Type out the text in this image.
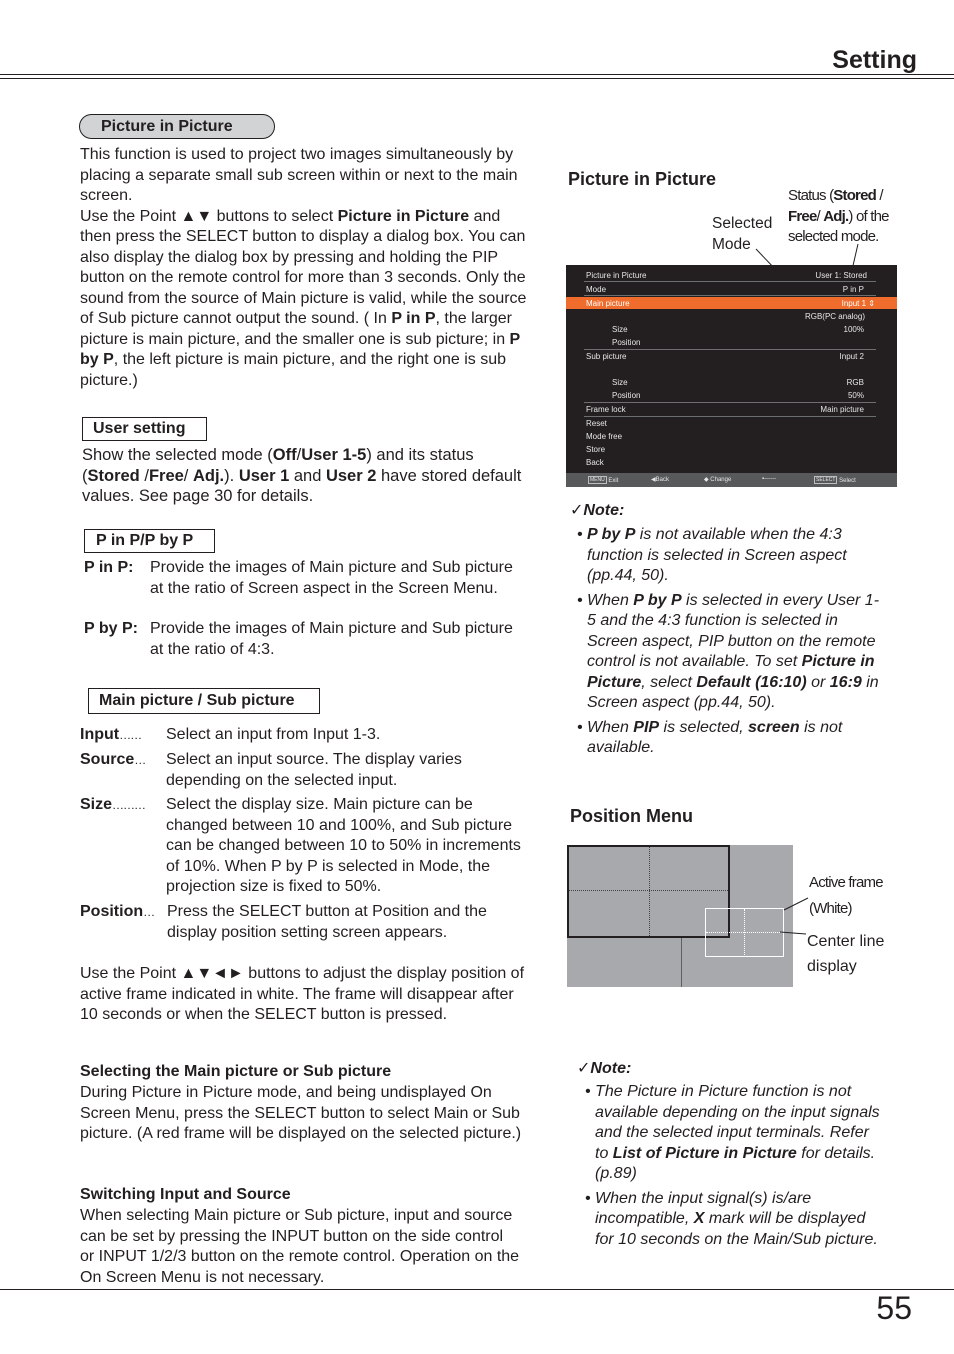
Setting
55
Picture in Picture
This function is used to project two images simultaneously by placing a separate small sub screen within or next to the main screen.
Use the Point ▲▼ buttons to select Picture in Picture and then press the SELECT button to display a dialog box. You can also display the dialog box by pressing and holding the PIP button on the remote control for more than 3 seconds. Only the sound from the source of Main picture is valid, while the source of Sub picture cannot output the sound. ( In P in P, the larger picture is main picture, and the smaller one is sub picture; in P by P, the left picture is main picture, and the right one is sub picture.)
User setting
Show the selected mode (Off/User 1-5) and its status (Stored /Free/ Adj.). User 1 and User 2 have stored default values. See page 30 for details.
P in P/P by P
P in P: Provide the images of Main picture and Sub picture at the ratio of Screen aspect in the Screen Menu.
P by P: Provide the images of Main picture and Sub picture at the ratio of 4:3.
Main picture / Sub picture
Input…… Select an input from Input 1-3.
Source… Select an input source. The display varies depending on the selected input.
Size……… Select the display size. Main picture can be changed between 10 and 100%, and Sub picture can be changed between 10 to 50% in increments of 10%. When P by P is selected in Mode, the projection size is fixed to 50%.
Position… Press the SELECT button at Position and the display position setting screen appears.
Use the Point ▲▼◄► buttons to adjust the display position of active frame indicated in white. The frame will disappear after 10 seconds or when the SELECT button is pressed.
Selecting the Main picture or Sub picture
During Picture in Picture mode, and being undisplayed On Screen Menu, press the SELECT button to select Main or Sub picture. (A red frame will be displayed on the selected picture.)
Switching Input and Source
When selecting Main picture or Sub picture, input and source can be set by pressing the INPUT button on the side control or INPUT 1/2/3 button on the remote control. Operation on the On Screen Menu is not necessary.
Picture in Picture
Selected
Mode
Status (Stored /
Free/ Adj.) of the
selected mode.
Picture in Picture	User 1: Stored
Mode	P in P
Main picture	Input 1 ⇕
RGB(PC analog)
Size	100%
Position
Sub picture	Input 2
Size	RGB
Position	50%
Frame lock	Main picture
Reset
Mode free
Store
Back
MENU Exit	◀Back	◆ Change	▪------	SELECT Select
✓Note:
• P by P is not available when the 4:3 function is selected in Screen aspect (pp.44, 50).
• When P by P is selected in every User 1-5 and the 4:3 function is selected in Screen aspect, PIP button on the remote control is not available. To set Picture in Picture, select Default (16:10) or 16:9 in Screen aspect (pp.44, 50).
• When PIP is selected, screen is not available.
Position Menu
Active frame
(White)
Center line
display
✓Note:
• The Picture in Picture function is not available depending on the input signals and the selected input terminals. Refer to List of Picture in Picture for details. (p.89)
• When the input signal(s) is/are incompatible, X mark will be displayed for 10 seconds on the Main/Sub picture.
